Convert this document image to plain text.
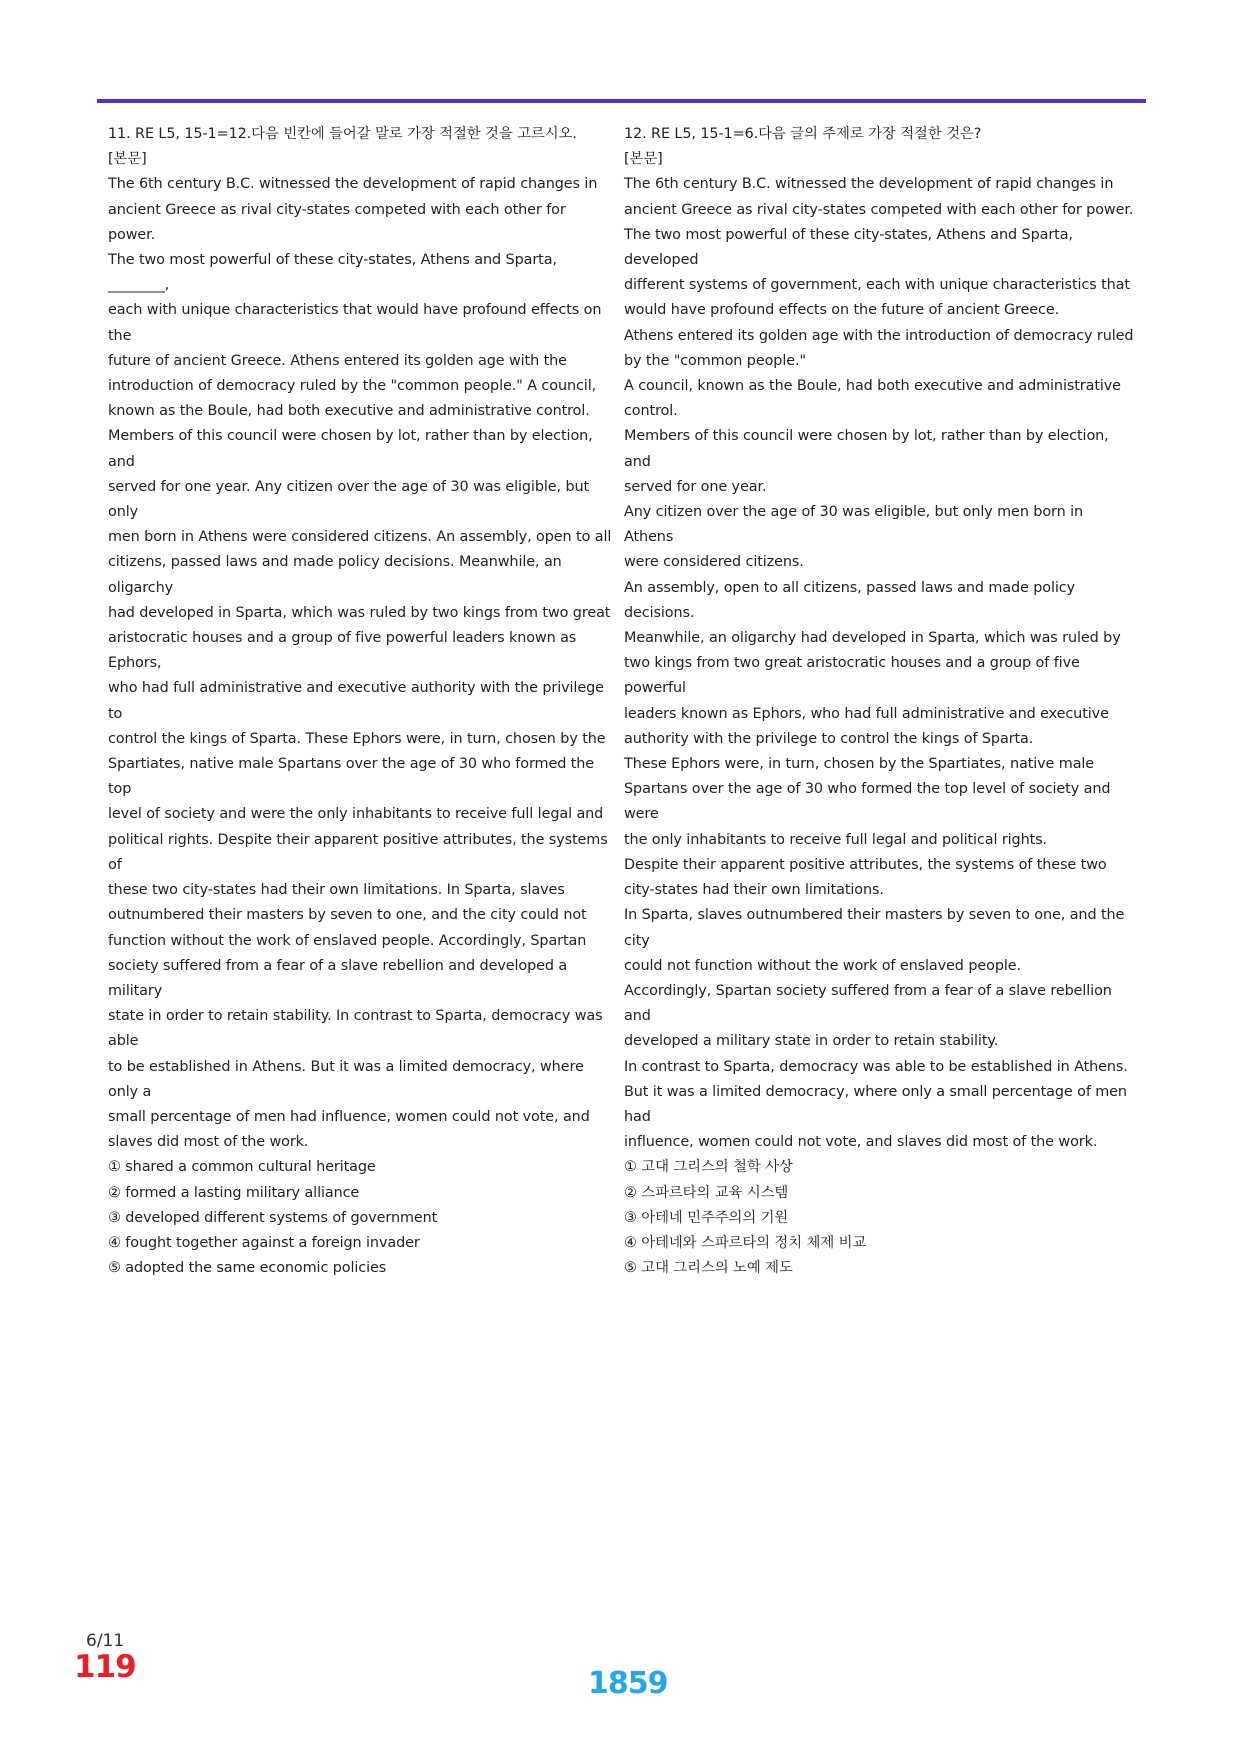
11. RE L5, 15-1=12.다음 빈칸에 들어갈 말로 가장 적절한 것을 고르시오.
[본문]
The 6th century B.C. witnessed the development of rapid changes in
ancient Greece as rival city-states competed with each other for power.
The two most powerful of these city-states, Athens and Sparta, ________,
each with unique characteristics that would have profound effects on the
future of ancient Greece. Athens entered its golden age with the
introduction of democracy ruled by the "common people." A council,
known as the Boule, had both executive and administrative control.
Members of this council were chosen by lot, rather than by election, and
served for one year. Any citizen over the age of 30 was eligible, but only
men born in Athens were considered citizens. An assembly, open to all
citizens, passed laws and made policy decisions. Meanwhile, an oligarchy
had developed in Sparta, which was ruled by two kings from two great
aristocratic houses and a group of five powerful leaders known as Ephors,
who had full administrative and executive authority with the privilege to
control the kings of Sparta. These Ephors were, in turn, chosen by the
Spartiates, native male Spartans over the age of 30 who formed the top
level of society and were the only inhabitants to receive full legal and
political rights. Despite their apparent positive attributes, the systems of
these two city-states had their own limitations. In Sparta, slaves
outnumbered their masters by seven to one, and the city could not
function without the work of enslaved people. Accordingly, Spartan
society suffered from a fear of a slave rebellion and developed a military
state in order to retain stability. In contrast to Sparta, democracy was able
to be established in Athens. But it was a limited democracy, where only a
small percentage of men had influence, women could not vote, and
slaves did most of the work.
① shared a common cultural heritage
② formed a lasting military alliance
③ developed different systems of government
④ fought together against a foreign invader
⑤ adopted the same economic policies
12. RE L5, 15-1=6.다음 글의 주제로 가장 적절한 것은?
[본문]
The 6th century B.C. witnessed the development of rapid changes in
ancient Greece as rival city-states competed with each other for power.
The two most powerful of these city-states, Athens and Sparta, developed
different systems of government, each with unique characteristics that
would have profound effects on the future of ancient Greece.
Athens entered its golden age with the introduction of democracy ruled
by the "common people."
A council, known as the Boule, had both executive and administrative
control.
Members of this council were chosen by lot, rather than by election, and
served for one year.
Any citizen over the age of 30 was eligible, but only men born in Athens
were considered citizens.
An assembly, open to all citizens, passed laws and made policy decisions.
Meanwhile, an oligarchy had developed in Sparta, which was ruled by
two kings from two great aristocratic houses and a group of five powerful
leaders known as Ephors, who had full administrative and executive
authority with the privilege to control the kings of Sparta.
These Ephors were, in turn, chosen by the Spartiates, native male
Spartans over the age of 30 who formed the top level of society and were
the only inhabitants to receive full legal and political rights.
Despite their apparent positive attributes, the systems of these two
city-states had their own limitations.
In Sparta, slaves outnumbered their masters by seven to one, and the city
could not function without the work of enslaved people.
Accordingly, Spartan society suffered from a fear of a slave rebellion and
developed a military state in order to retain stability.
In contrast to Sparta, democracy was able to be established in Athens.
But it was a limited democracy, where only a small percentage of men had
influence, women could not vote, and slaves did most of the work.
① 고대 그리스의 철학 사상
② 스파르타의 교육 시스템
③ 아테네 민주주의의 기원
④ 아테네와 스파르타의 정치 체제 비교
⑤ 고대 그리스의 노예 제도
6/11
119	1859
